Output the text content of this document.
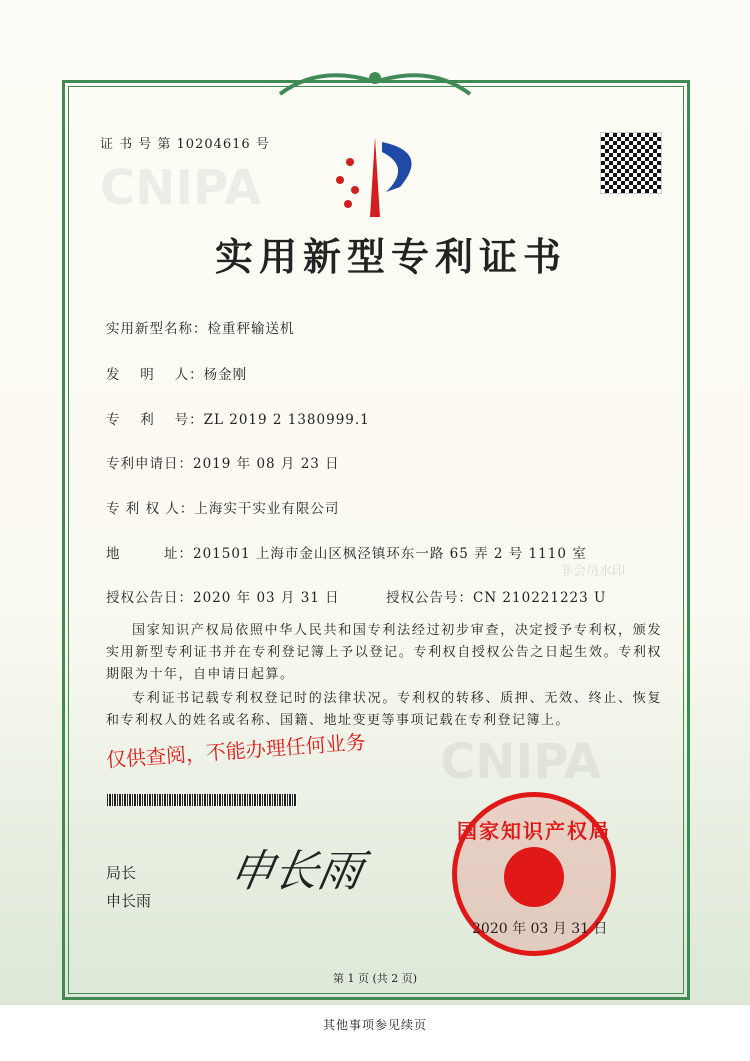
CNIPA
CNIPA
证 书 号 第 10204616 号
实用新型专利证书
实用新型名称：检重秤输送机
发　 明　 人：杨金刚
专　 利　 号：ZL 2019 2 1380999.1
专利申请日：2019 年 08 月 23 日
专 利 权 人：上海实干实业有限公司
地　　　址：201501 上海市金山区枫泾镇环东一路 65 弄 2 号 1110 室
授权公告日：2020 年 03 月 31 日	授权公告号：CN 210221223 U
非会员水印

国家知识产权局依照中华人民共和国专利法经过初步审查，决定授予专利权，颁发实用新型专利证书并在专利登记簿上予以登记。专利权自授权公告之日起生效。专利权期限为十年，自申请日起算。

专利证书记载专利权登记时的法律状况。专利权的转移、质押、无效、终止、恢复和专利权人的姓名或名称、国籍、地址变更等事项记载在专利登记簿上。

仅供查阅，不能办理任何业务
局长
申长雨
申长雨
国家知识产权局
2020 年 03 月 31 日
第 1 页 (共 2 页)
其他事项参见续页
